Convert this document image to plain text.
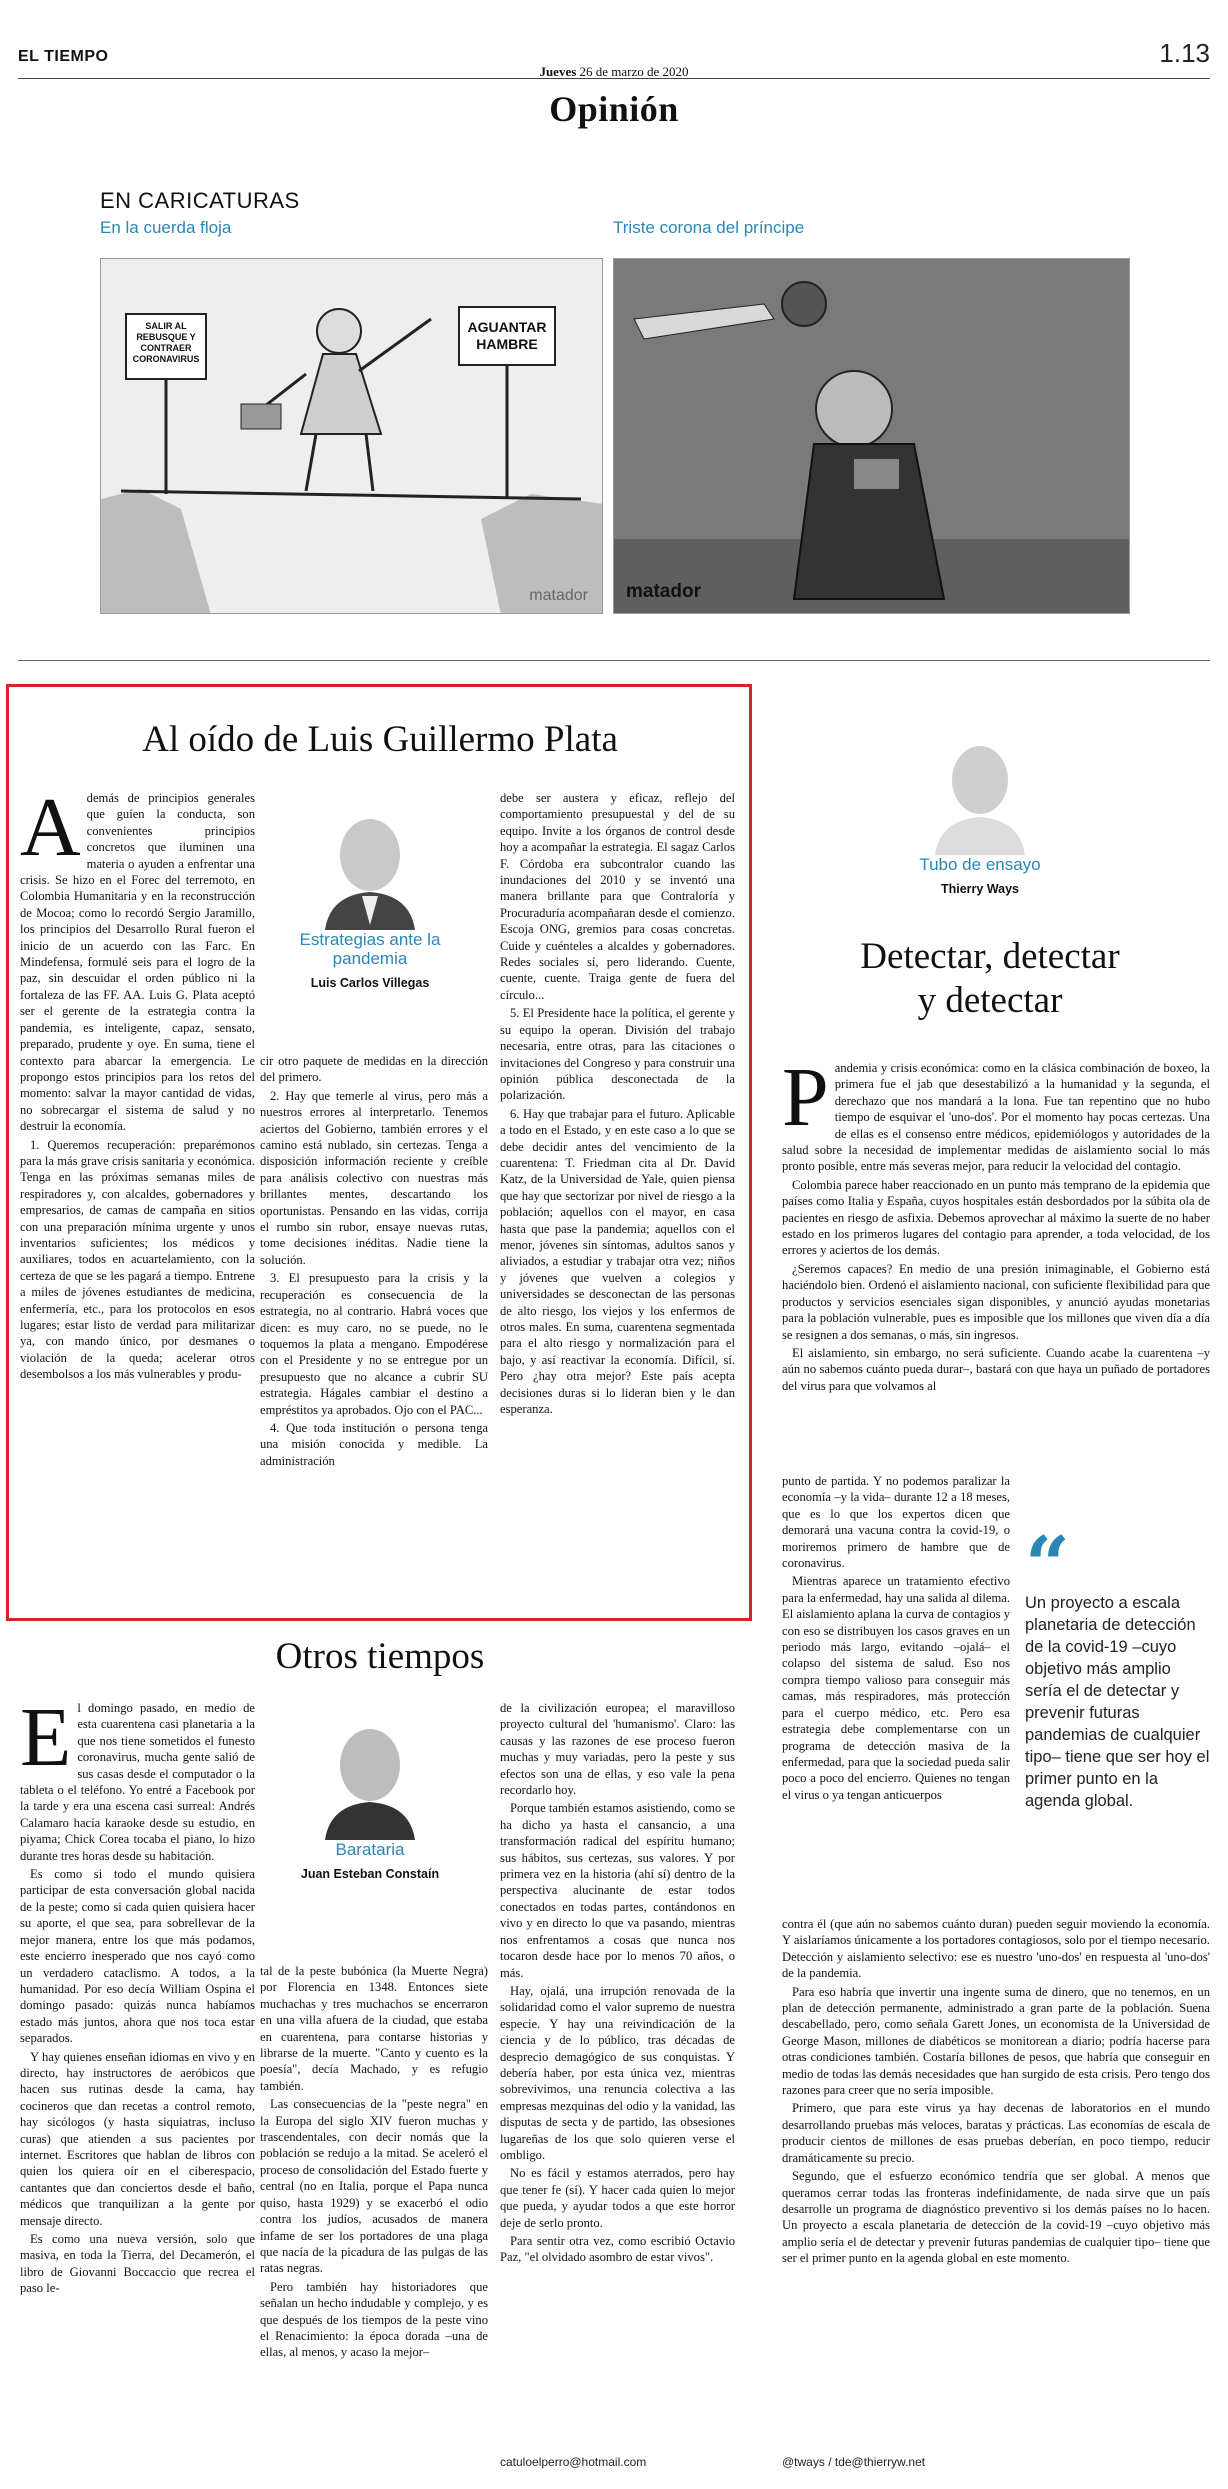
EL TIEMPO	1.13
Jueves 26 de marzo de 2020
Opinión
EN CARICATURAS
En la cuerda floja	Triste corona del príncipe
SALIR AL REBUSQUE Y CONTRAER CORONAVIRUS
AGUANTAR HAMBRE
matador matador
Al oído de Luis Guillermo Plata

Además de principios generales que guíen la conducta, son convenientes principios concretos que iluminen una materia o ayuden a enfrentar una crisis. Se hizo en el Forec del terremoto, en Colombia Humanitaria y en la reconstrucción de Mocoa; como lo recordó Sergio Jaramillo, los principios del Desarrollo Rural fueron el inicio de un acuerdo con las Farc. En Mindefensa, formulé seis para el logro de la paz, sin descuidar el orden público ni la fortaleza de las FF. AA. Luis G. Plata aceptó ser el gerente de la estrategia contra la pandemia, es inteligente, capaz, sensato, preparado, prudente y oye. En suma, tiene el contexto para abarcar la emergencia. Le propongo estos principios para los retos del momento: salvar la mayor cantidad de vidas, no sobrecargar el sistema de salud y no destruir la economía.

1. Queremos recuperación: preparémonos para la más grave crisis sanitaria y económica. Tenga en las próximas semanas miles de respiradores y, con alcaldes, gobernadores y empresarios, de camas de campaña en sitios con una preparación mínima urgente y unos inventarios suficientes; los médicos y auxiliares, todos en acuartelamiento, con la certeza de que se les pagará a tiempo. Entrene a miles de jóvenes estudiantes de medicina, enfermería, etc., para los protocolos en esos lugares; estar listo de verdad para militarizar ya, con mando único, por desmanes o violación de la queda; acelerar otros desembolsos a los más vulnerables y produ-

Estrategias ante la pandemia
Luis Carlos Villegas

cir otro paquete de medidas en la dirección del primero.

2. Hay que temerle al virus, pero más a nuestros errores al interpretarlo. Tenemos aciertos del Gobierno, también errores y el camino está nublado, sin certezas. Tenga a disposición información reciente y creíble para análisis colectivo con nuestras más brillantes mentes, descartando los oportunistas. Pensando en las vidas, corrija el rumbo sin rubor, ensaye nuevas rutas, tome decisiones inéditas. Nadie tiene la solución.

3. El presupuesto para la crisis y la recuperación es consecuencia de la estrategia, no al contrario. Habrá voces que dicen: es muy caro, no se puede, no le toquemos la plata a mengano. Empodérese con el Presidente y no se entregue por un presupuesto que no alcance a cubrir SU estrategia. Hágales cambiar el destino a empréstitos ya aprobados. Ojo con el PAC...

4. Que toda institución o persona tenga una misión conocida y medible. La administración

debe ser austera y eficaz, reflejo del comportamiento presupuestal y del de su equipo. Invite a los órganos de control desde hoy a acompañar la estrategia. El sagaz Carlos F. Córdoba era subcontralor cuando las inundaciones del 2010 y se inventó una manera brillante para que Contraloría y Procuraduría acompañaran desde el comienzo. Escoja ONG, gremios para cosas concretas. Cuide y cuénteles a alcaldes y gobernadores. Redes sociales sí, pero liderando. Cuente, cuente, cuente. Traiga gente de fuera del círculo...

5. El Presidente hace la política, el gerente y su equipo la operan. División del trabajo necesaria, entre otras, para las citaciones o invitaciones del Congreso y para construir una opinión pública desconectada de la polarización.

6. Hay que trabajar para el futuro. Aplicable a todo en el Estado, y en este caso a lo que se debe decidir antes del vencimiento de la cuarentena: T. Friedman cita al Dr. David Katz, de la Universidad de Yale, quien piensa que hay que sectorizar por nivel de riesgo a la población; aquellos con el mayor, en casa hasta que pase la pandemia; aquellos con el menor, jóvenes sin síntomas, adultos sanos y aliviados, a estudiar y trabajar otra vez; niños y jóvenes que vuelven a colegios y universidades se desconectan de las personas de alto riesgo, los viejos y los enfermos de otros males. En suma, cuarentena segmentada para el alto riesgo y normalización para el bajo, y así reactivar la economía. Difícil, sí. Pero ¿hay otra mejor? Este país acepta decisiones duras si lo lideran bien y le dan esperanza.

Otros tiempos

El domingo pasado, en medio de esta cuarentena casi planetaria a la que nos tiene sometidos el funesto coronavirus, mucha gente salió de sus casas desde el computador o la tableta o el teléfono. Yo entré a Facebook por la tarde y era una escena casi surreal: Andrés Calamaro hacía karaoke desde su estudio, en piyama; Chick Corea tocaba el piano, lo hizo durante tres horas desde su habitación.

Es como si todo el mundo quisiera participar de esta conversación global nacida de la peste; como si cada quien quisiera hacer su aporte, el que sea, para sobrellevar de la mejor manera, entre los que más podamos, este encierro inesperado que nos cayó como un verdadero cataclismo. A todos, a la humanidad. Por eso decía William Ospina el domingo pasado: quizás nunca habíamos estado más juntos, ahora que nos toca estar separados.

Y hay quienes enseñan idiomas en vivo y en directo, hay instructores de aeróbicos que hacen sus rutinas desde la cama, hay cocineros que dan recetas a control remoto, hay sicólogos (y hasta siquiatras, incluso curas) que atienden a sus pacientes por internet. Escritores que hablan de libros con quien los quiera oír en el ciberespacio, cantantes que dan conciertos desde el baño, médicos que tranquilizan a la gente por mensaje directo.

Es como una nueva versión, solo que masiva, en toda la Tierra, del Decamerón, el libro de Giovanni Boccaccio que recrea el paso le-

Barataria
Juan Esteban Constaín

tal de la peste bubónica (la Muerte Negra) por Florencia en 1348. Entonces siete muchachas y tres muchachos se encerraron en una villa afuera de la ciudad, que estaba en cuarentena, para contarse historias y librarse de la muerte. "Canto y cuento es la poesía", decía Machado, y es refugio también.

Las consecuencias de la "peste negra" en la Europa del siglo XIV fueron muchas y trascendentales, con decir nomás que la población se redujo a la mitad. Se aceleró el proceso de consolidación del Estado fuerte y central (no en Italia, porque el Papa nunca quiso, hasta 1929) y se exacerbó el odio contra los judíos, acusados de manera infame de ser los portadores de una plaga que nacía de la picadura de las pulgas de las ratas negras.

Pero también hay historiadores que señalan un hecho indudable y complejo, y es que después de los tiempos de la peste vino el Renacimiento: la época dorada –una de ellas, al menos, y acaso la mejor–

de la civilización europea; el maravilloso proyecto cultural del 'humanismo'. Claro: las causas y las razones de ese proceso fueron muchas y muy variadas, pero la peste y sus efectos son una de ellas, y eso vale la pena recordarlo hoy.

Porque también estamos asistiendo, como se ha dicho ya hasta el cansancio, a una transformación radical del espíritu humano; sus hábitos, sus certezas, sus valores. Y por primera vez en la historia (ahí sí) dentro de la perspectiva alucinante de estar todos conectados en todas partes, contándonos en vivo y en directo lo que va pasando, mientras nos enfrentamos a cosas que nunca nos tocaron desde hace por lo menos 70 años, o más.

Hay, ojalá, una irrupción renovada de la solidaridad como el valor supremo de nuestra especie. Y hay una reivindicación de la ciencia y de lo público, tras décadas de desprecio demagógico de sus conquistas. Y debería haber, por esta única vez, mientras sobrevivimos, una renuncia colectiva a las empresas mezquinas del odio y la vanidad, las disputas de secta y de partido, las obsesiones lugareñas de los que solo quieren verse el ombligo.

No es fácil y estamos aterrados, pero hay que tener fe (sí). Y hacer cada quien lo mejor que pueda, y ayudar todos a que este horror deje de serlo pronto.

Para sentir otra vez, como escribió Octavio Paz, "el olvidado asombro de estar vivos".

catuloelperro@hotmail.com
Tubo de ensayo
Thierry Ways
Detectar, detectar
y detectar

Pandemia y crisis económica: como en la clásica combinación de boxeo, la primera fue el jab que desestabilizó a la humanidad y la segunda, el derechazo que nos mandará a la lona. Fue tan repentino que no hubo tiempo de esquivar el 'uno-dos'. Por el momento hay pocas certezas. Una de ellas es el consenso entre médicos, epidemiólogos y autoridades de la salud sobre la necesidad de implementar medidas de aislamiento social lo más pronto posible, entre más severas mejor, para reducir la velocidad del contagio.

Colombia parece haber reaccionado en un punto más temprano de la epidemia que países como Italia y España, cuyos hospitales están desbordados por la súbita ola de pacientes en riesgo de asfixia. Debemos aprovechar al máximo la suerte de no haber estado en los primeros lugares del contagio para aprender, a toda velocidad, de los errores y aciertos de los demás.

¿Seremos capaces? En medio de una presión inimaginable, el Gobierno está haciéndolo bien. Ordenó el aislamiento nacional, con suficiente flexibilidad para que productos y servicios esenciales sigan disponibles, y anunció ayudas monetarias para la población vulnerable, pues es imposible que los millones que viven día a día se resignen a dos semanas, o más, sin ingresos.

El aislamiento, sin embargo, no será suficiente. Cuando acabe la cuarentena –y aún no sabemos cuánto pueda durar–, bastará con que haya un puñado de portadores del virus para que volvamos al

punto de partida. Y no podemos paralizar la economía –y la vida– durante 12 a 18 meses, que es lo que los expertos dicen que demorará una vacuna contra la covid-19, o moriremos primero de hambre que de coronavirus.

Mientras aparece un tratamiento efectivo para la enfermedad, hay una salida al dilema. El aislamiento aplana la curva de contagios y con eso se distribuyen los casos graves en un periodo más largo, evitando –ojalá– el colapso del sistema de salud. Eso nos compra tiempo valioso para conseguir más camas, más respiradores, más protección para el cuerpo médico, etc. Pero esa estrategia debe complementarse con un programa de detección masiva de la enfermedad, para que la sociedad pueda salir poco a poco del encierro. Quienes no tengan el virus o ya tengan anticuerpos

“
Un proyecto a escala planetaria de detección de la covid-19 –cuyo objetivo más amplio sería el de detectar y prevenir futuras pandemias de cualquier tipo– tiene que ser hoy el primer punto en la agenda global.

contra él (que aún no sabemos cuánto duran) pueden seguir moviendo la economía. Y aislaríamos únicamente a los portadores contagiosos, solo por el tiempo necesario. Detección y aislamiento selectivo: ese es nuestro 'uno-dos' en respuesta al 'uno-dos' de la pandemia.

Para eso habría que invertir una ingente suma de dinero, que no tenemos, en un plan de detección permanente, administrado a gran parte de la población. Suena descabellado, pero, como señala Garett Jones, un economista de la Universidad de George Mason, millones de diabéticos se monitorean a diario; podría hacerse para otras condiciones también. Costaría billones de pesos, que habría que conseguir en medio de todas las demás necesidades que han surgido de esta crisis. Pero tengo dos razones para creer que no sería imposible.

Primero, que para este virus ya hay decenas de laboratorios en el mundo desarrollando pruebas más veloces, baratas y prácticas. Las economías de escala de producir cientos de millones de esas pruebas deberían, en poco tiempo, reducir dramáticamente su precio.

Segundo, que el esfuerzo económico tendría que ser global. A menos que queramos cerrar todas las fronteras indefinidamente, de nada sirve que un país desarrolle un programa de diagnóstico preventivo si los demás países no lo hacen. Un proyecto a escala planetaria de detección de la covid-19 –cuyo objetivo más amplio sería el de detectar y prevenir futuras pandemias de cualquier tipo– tiene que ser el primer punto en la agenda global en este momento.

@tways / tde@thierryw.net
